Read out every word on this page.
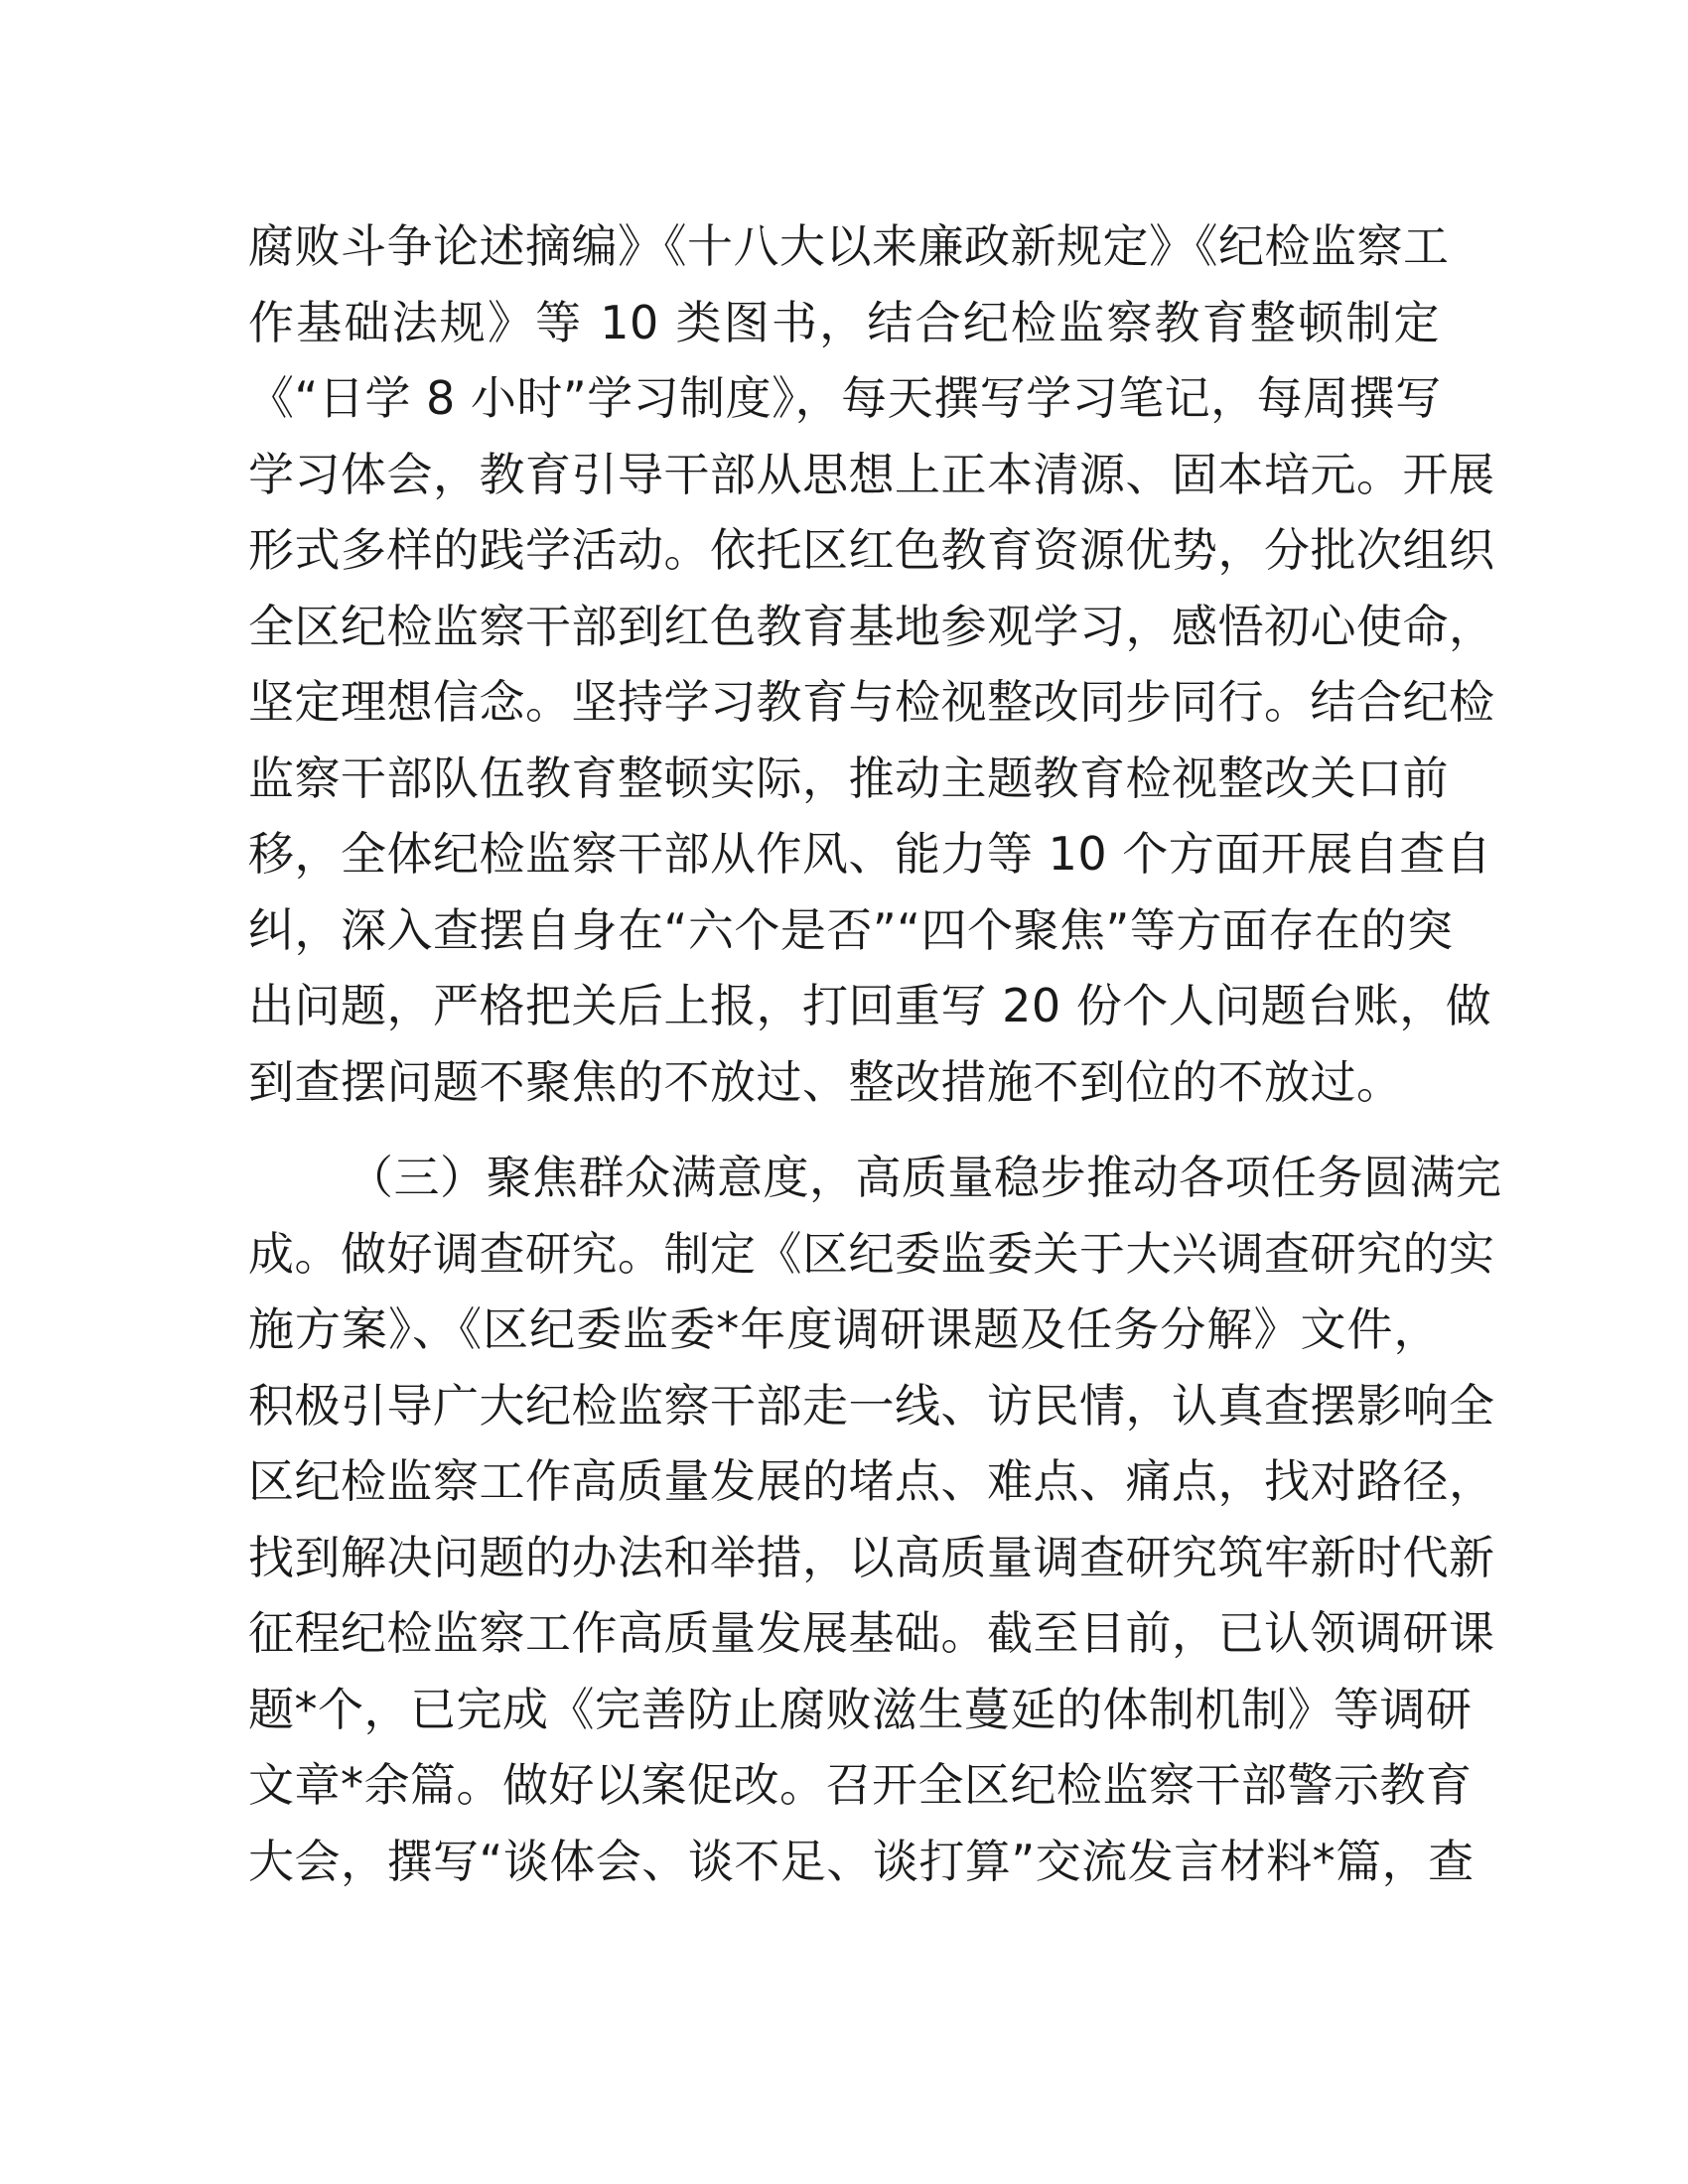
腐败斗争论述摘编》《十八大以来廉政新规定》《纪检监察工
作基础法规》等 10 类图书，结合纪检监察教育整顿制定
《“日学 8 小时”学习制度》，每天撰写学习笔记，每周撰写
学习体会，教育引导干部从思想上正本清源、固本培元。开展
形式多样的践学活动。依托区红色教育资源优势，分批次组织
全区纪检监察干部到红色教育基地参观学习，感悟初心使命，
坚定理想信念。坚持学习教育与检视整改同步同行。结合纪检
监察干部队伍教育整顿实际，推动主题教育检视整改关口前
移，全体纪检监察干部从作风、能力等 10 个方面开展自查自
纠，深入查摆自身在“六个是否”“四个聚焦”等方面存在的突
出问题，严格把关后上报，打回重写 20 份个人问题台账，做
到查摆问题不聚焦的不放过、整改措施不到位的不放过。
（三）聚焦群众满意度，高质量稳步推动各项任务圆满完
成。做好调查研究。制定《区纪委监委关于大兴调查研究的实
施方案》、《区纪委监委*年度调研课题及任务分解》文件，
积极引导广大纪检监察干部走一线、访民情，认真查摆影响全
区纪检监察工作高质量发展的堵点、难点、痛点，找对路径，
找到解决问题的办法和举措，以高质量调查研究筑牢新时代新
征程纪检监察工作高质量发展基础。截至目前，已认领调研课
题*个，已完成《完善防止腐败滋生蔓延的体制机制》等调研
文章*余篇。做好以案促改。召开全区纪检监察干部警示教育
大会，撰写“谈体会、谈不足、谈打算”交流发言材料*篇，查
